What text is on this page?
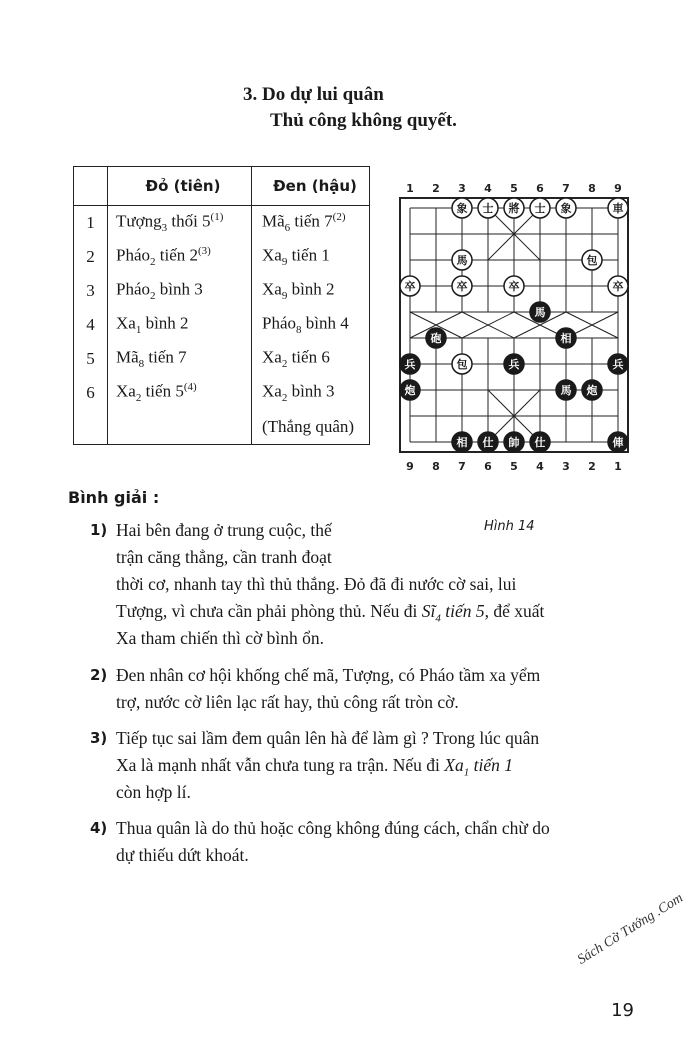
3. Do dự lui quân
Thủ công không quyết.
	Đỏ (tiên)	Đen (hậu)
1	Tượng$_3$ thối 5$^{(1)}$	$Mã_6$ tiến 7$^{(2)}$
2	Pháo$_2$ tiến 2$^{(3)}$	$Xa_9$ tiến 1
3	Pháo$_2$ bình 3	$Xa_9$ bình 2
4	$Xa_1$ bình 2	Pháo$_8$ bình 4
5	$Mã_8$ tiến 7	$Xa_2$ tiến 6
6	$Xa_2$ tiến 5$^{(4)}$	$Xa_2$ bình 3
		(Thắng quân)
1 2 3 4 5 6 7 8 9
9 8 7 6 5 4 3 2 1
象 士 將 士 象	車
馬	包
卒	卒	卒	卒
馬
砲	相
兵	包	兵	兵
炮	馬 炮
相 仕 帥 仕	俥
Bình giải :
Hình 14
1) Hai bên đang ở trung cuộc, thế
trận căng thẳng, cần tranh đoạt
thời cơ, nhanh tay thì thủ thắng. Đỏ đã đi nước cờ sai, lui
Tượng, vì chưa cần phải phòng thủ. Nếu đi $Sĩ_4$ tiến 5, để xuất
Xa tham chiến thì cờ bình ổn.
2) Đen nhân cơ hội khống chế mã, Tượng, có Pháo tầm xa yểm
trợ, nước cờ liên lạc rất hay, thủ công rất tròn cờ.
3) Tiếp tục sai lầm đem quân lên hà để làm gì ? Trong lúc quân
Xa là mạnh nhất vẫn chưa tung ra trận. Nếu đi $Xa_1$ tiến 1
còn hợp lí.
4) Thua quân là do thủ hoặc công không đúng cách, chẩn chừ do
dự thiếu dứt khoát.
Sách Cờ Tướng .Com
19
